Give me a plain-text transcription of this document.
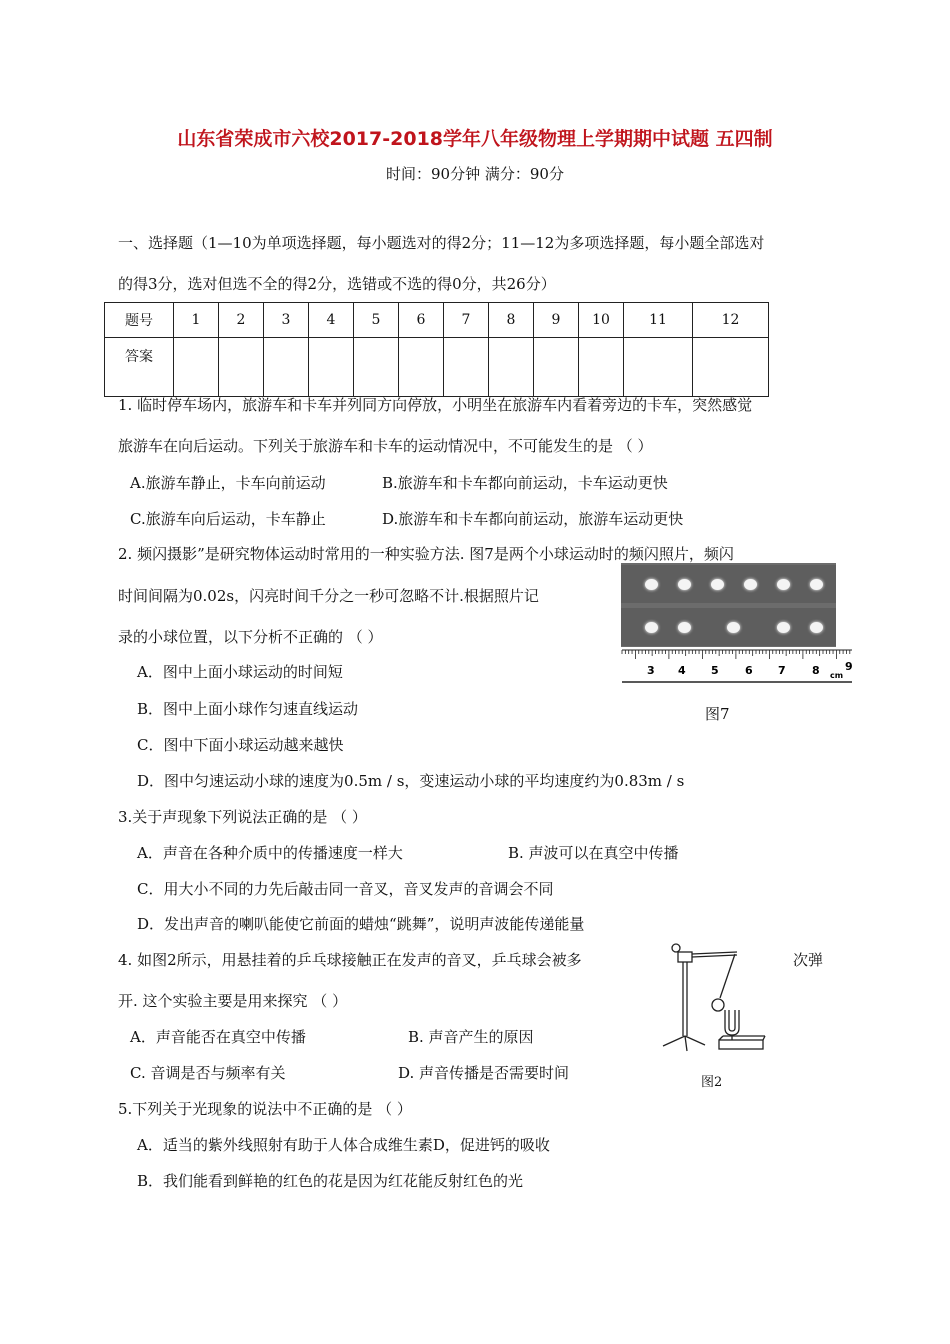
山东省荣成市六校2017-2018学年八年级物理上学期期中试题 五四制
时间：90分钟 满分：90分
一、选择题（1—10为单项选择题，每小题选对的得2分；11—12为多项选择题，每小题全部选对
的得3分，选对但选不全的得2分，选错或不选的得0分，共26分）
题号	1	2	3	4	5	6	7	8	9	10	11	12
答案												
1. 临时停车场内，旅游车和卡车并列同方向停放，小明坐在旅游车内看着旁边的卡车，突然感觉
旅游车在向后运动。下列关于旅游车和卡车的运动情况中，不可能发生的是 （ ）
A.旅游车静止，卡车向前运动	B.旅游车和卡车都向前运动，卡车运动更快
C.旅游车向后运动，卡车静止	D.旅游车和卡车都向前运动，旅游车运动更快
2. 频闪摄影”是研究物体运动时常用的一种实验方法. 图7是两个小球运动时的频闪照片，频闪
时间间隔为0.02s，闪亮时间千分之一秒可忽略不计.根据照片记
录的小球位置，以下分析不正确的 （ ）
A．图中上面小球运动的时间短
B．图中上面小球作匀速直线运动
C．图中下面小球运动越来越快
D．图中匀速运动小球的速度为0.5m / s，变速运动小球的平均速度约为0.83m / s
3 4 5 6 7 8 9
cm
图7
3.关于声现象下列说法正确的是 （ ）
A．声音在各种介质中的传播速度一样大	B. 声波可以在真空中传播
C．用大小不同的力先后敲击同一音叉，音叉发声的音调会不同
D．发出声音的喇叭能使它前面的蜡烛“跳舞”，说明声波能传递能量
4. 如图2所示，用悬挂着的乒乓球接触正在发声的音叉，乒乓球会被多	次弹
开. 这个实验主要是用来探究 （ ）
A．声音能否在真空中传播	B. 声音产生的原因
C. 音调是否与频率有关	D. 声音传播是否需要时间
图2
5.下列关于光现象的说法中不正确的是 （ ）
A．适当的紫外线照射有助于人体合成维生素D，促进钙的吸收
B．我们能看到鲜艳的红色的花是因为红花能反射红色的光
